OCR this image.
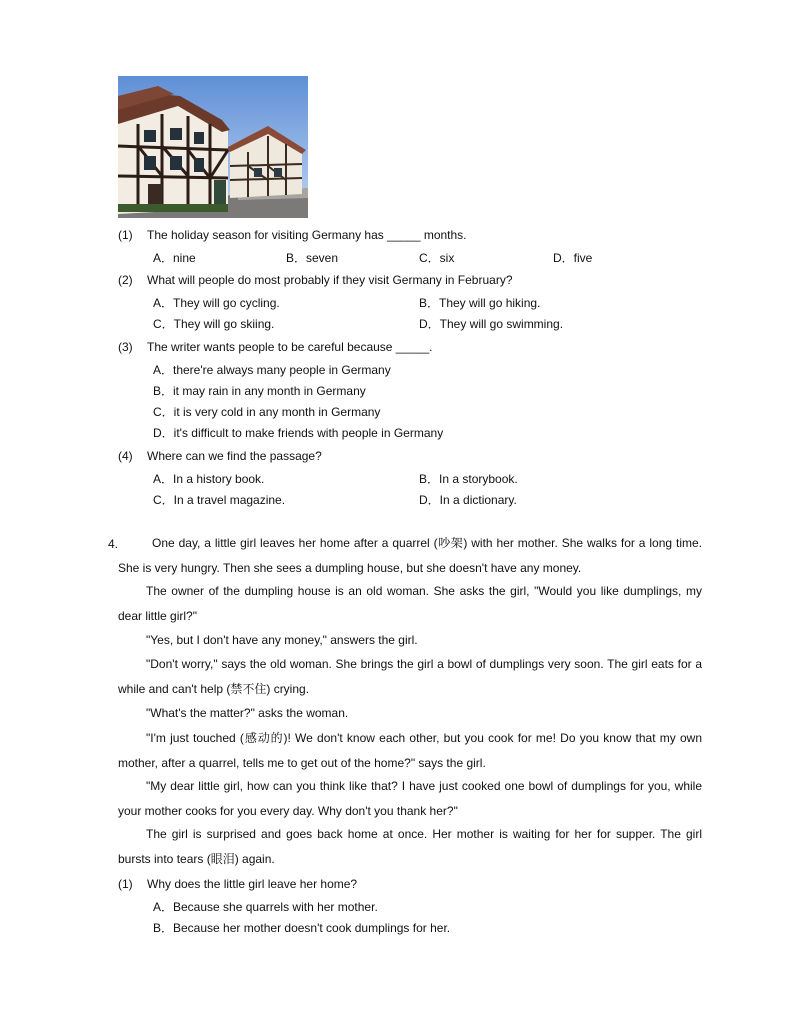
(1) The holiday season for visiting Germany has _____ months.
A．nine	B．seven	C．six	D．five
(2) What will people do most probably if they visit Germany in February?
A．They will go cycling.	B．They will go hiking.
C．They will go skiing.	D．They will go swimming.
(3) The writer wants people to be careful because _____.
A．there're always many people in Germany
B．it may rain in any month in Germany
C．it is very cold in any month in Germany
D．it's difficult to make friends with people in Germany
(4) Where can we find the passage?
A．In a history book.	B．In a storybook.
C．In a travel magazine.	D．In a dictionary.
4.	One day, a little girl leaves her home after a quarrel (吵架) with her mother. She walks for a long time. She is very hungry. Then she sees a dumpling house, but she doesn't have any money.
The owner of the dumpling house is an old woman. She asks the girl, "Would you like dumplings, my dear little girl?"
"Yes, but I don't have any money," answers the girl.
"Don't worry," says the old woman. She brings the girl a bowl of dumplings very soon. The girl eats for a while and can't help (禁不住) crying.
"What's the matter?" asks the woman.
"I'm just touched (感动的)! We don't know each other, but you cook for me! Do you know that my own mother, after a quarrel, tells me to get out of the home?" says the girl.
"My dear little girl, how can you think like that? I have just cooked one bowl of dumplings for you, while your mother cooks for you every day. Why don't you thank her?"
The girl is surprised and goes back home at once. Her mother is waiting for her for supper. The girl bursts into tears (眼泪) again.
(1) Why does the little girl leave her home?
A．Because she quarrels with her mother.
B．Because her mother doesn't cook dumplings for her.
